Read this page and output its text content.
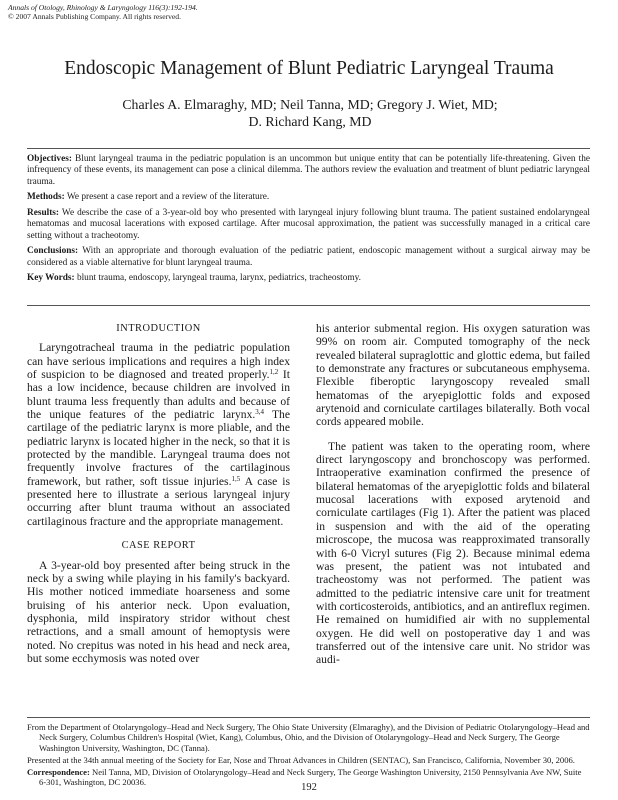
Annals of Otology, Rhinology & Laryngology 116(3):192-194.
© 2007 Annals Publishing Company. All rights reserved.
Endoscopic Management of Blunt Pediatric Laryngeal Trauma
Charles A. Elmaraghy, MD; Neil Tanna, MD; Gregory J. Wiet, MD;
D. Richard Kang, MD

Objectives: Blunt laryngeal trauma in the pediatric population is an uncommon but unique entity that can be potentially life-threatening. Given the infrequency of these events, its management can pose a clinical dilemma. The authors review the evaluation and treatment of blunt pediatric laryngeal trauma.

Methods: We present a case report and a review of the literature.

Results: We describe the case of a 3-year-old boy who presented with laryngeal injury following blunt trauma. The patient sustained endolaryngeal hematomas and mucosal lacerations with exposed cartilage. After mucosal approximation, the patient was successfully managed in a critical care setting without a tracheotomy.

Conclusions: With an appropriate and thorough evaluation of the pediatric patient, endoscopic management without a surgical airway may be considered as a viable alternative for blunt laryngeal trauma.

Key Words: blunt trauma, endoscopy, laryngeal trauma, larynx, pediatrics, tracheostomy.

INTRODUCTION

Laryngotracheal trauma in the pediatric population can have serious implications and requires a high index of suspicion to be diagnosed and treated properly.$^{1,2}$ It has a low incidence, because children are involved in blunt trauma less frequently than adults and because of the unique features of the pediatric larynx.$^{3,4}$ The cartilage of the pediatric larynx is more pliable, and the pediatric larynx is located higher in the neck, so that it is protected by the mandible. Laryngeal trauma does not frequently involve fractures of the cartilaginous framework, but rather, soft tissue injuries.$^{1,5}$ A case is presented here to illustrate a serious laryngeal injury occurring after blunt trauma without an associated cartilaginous fracture and the appropriate management.

CASE REPORT

A 3-year-old boy presented after being struck in the neck by a swing while playing in his family's backyard. His mother noticed immediate hoarseness and some bruising of his anterior neck. Upon evaluation, dysphonia, mild inspiratory stridor without chest retractions, and a small amount of hemoptysis were noted. No crepitus was noted in his head and neck area, but some ecchymosis was noted over

his anterior submental region. His oxygen saturation was 99% on room air. Computed tomography of the neck revealed bilateral supraglottic and glottic edema, but failed to demonstrate any fractures or subcutaneous emphysema. Flexible fiberoptic laryngoscopy revealed small hematomas of the aryepiglottic folds and exposed arytenoid and corniculate cartilages bilaterally. Both vocal cords appeared mobile.

The patient was taken to the operating room, where direct laryngoscopy and bronchoscopy was performed. Intraoperative examination confirmed the presence of bilateral hematomas of the aryepiglottic folds and bilateral mucosal lacerations with exposed arytenoid and corniculate cartilages (Fig 1). After the patient was placed in suspension and with the aid of the operating microscope, the mucosa was reapproximated transorally with 6-0 Vicryl sutures (Fig 2). Because minimal edema was present, the patient was not intubated and tracheostomy was not performed. The patient was admitted to the pediatric intensive care unit for treatment with corticosteroids, antibiotics, and an antireflux regimen. He remained on humidified air with no supplemental oxygen. He did well on postoperative day 1 and was transferred out of the intensive care unit. No stridor was audi-

From the Department of Otolaryngology–Head and Neck Surgery, The Ohio State University (Elmaraghy), and the Division of Pediatric Otolaryngology–Head and Neck Surgery, Columbus Children's Hospital (Wiet, Kang), Columbus, Ohio, and the Division of Otolaryngology–Head and Neck Surgery, The George Washington University, Washington, DC (Tanna).

Presented at the 34th annual meeting of the Society for Ear, Nose and Throat Advances in Children (SENTAC), San Francisco, California, November 30, 2006.

Correspondence: Neil Tanna, MD, Division of Otolaryngology–Head and Neck Surgery, The George Washington University, 2150 Pennsylvania Ave NW, Suite 6-301, Washington, DC 20036.	192
